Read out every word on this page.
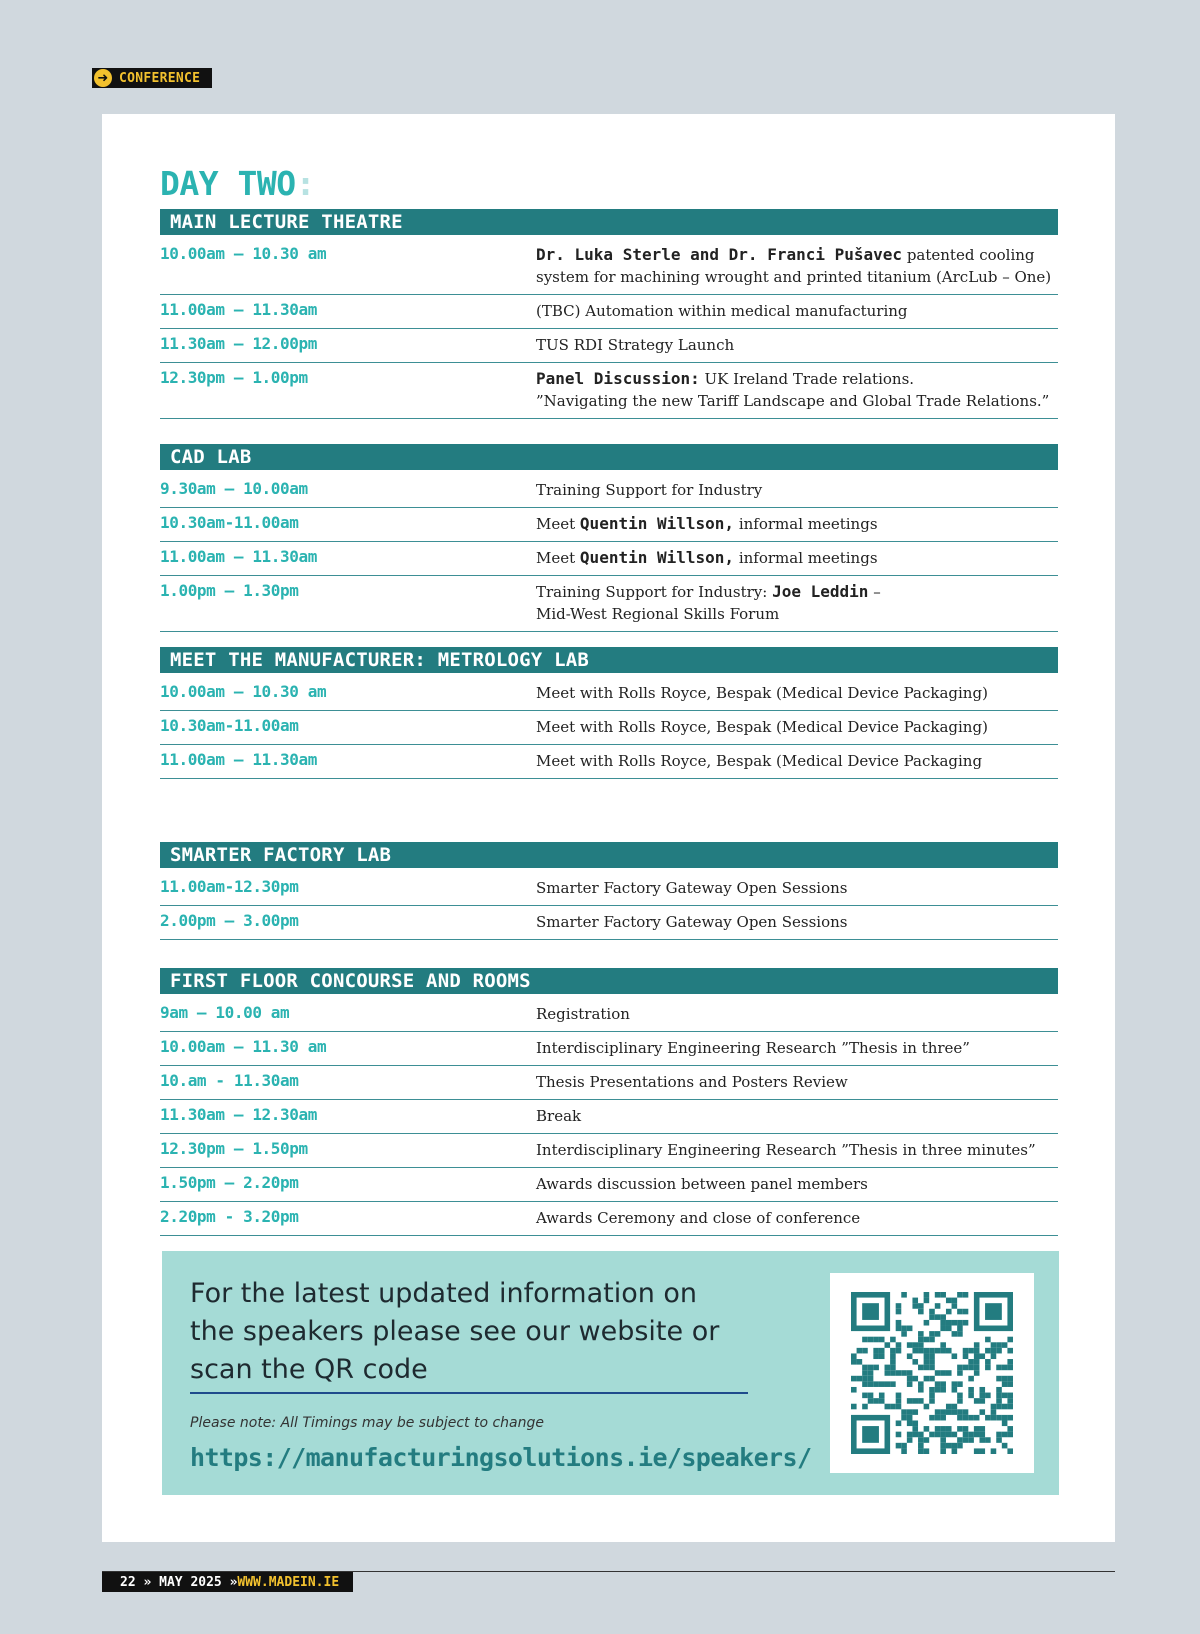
➜ CONFERENCE
DAY TWO:
MAIN LECTURE THEATRE
10.00am – 10.30 am	Dr. Luka Sterle and Dr. Franci Pušavec patented cooling system for machining wrought and printed titanium (ArcLub – One)
11.00am – 11.30am	(TBC) Automation within medical manufacturing
11.30am – 12.00pm	TUS RDI Strategy Launch
12.30pm – 1.00pm	Panel Discussion: UK Ireland Trade relations.
”Navigating the new Tariff Landscape and Global Trade Relations.”
CAD LAB
9.30am – 10.00am	Training Support for Industry
10.30am-11.00am	Meet Quentin Willson, informal meetings
11.00am – 11.30am	Meet Quentin Willson, informal meetings
1.00pm – 1.30pm	Training Support for Industry: Joe Leddin –
Mid-West Regional Skills Forum
MEET THE MANUFACTURER: METROLOGY LAB
10.00am – 10.30 am	Meet with Rolls Royce, Bespak (Medical Device Packaging)
10.30am-11.00am	Meet with Rolls Royce, Bespak (Medical Device Packaging)
11.00am – 11.30am	Meet with Rolls Royce, Bespak (Medical Device Packaging
SMARTER FACTORY LAB
11.00am-12.30pm	Smarter Factory Gateway Open Sessions
2.00pm – 3.00pm	Smarter Factory Gateway Open Sessions
FIRST FLOOR CONCOURSE AND ROOMS
9am – 10.00 am	Registration
10.00am – 11.30 am	Interdisciplinary Engineering Research ”Thesis in three”
10.am - 11.30am	Thesis Presentations and Posters Review
11.30am – 12.30am	Break
12.30pm – 1.50pm	Interdisciplinary Engineering Research ”Thesis in three minutes”
1.50pm – 2.20pm	Awards discussion between panel members
2.20pm - 3.20pm	Awards Ceremony and close of conference
For the latest updated information on
the speakers please see our website or
scan the QR code
Please note: All Timings may be subject to change
https://manufacturingsolutions.ie/speakers/
22 » MAY 2025 » WWW.MADEIN.IE
